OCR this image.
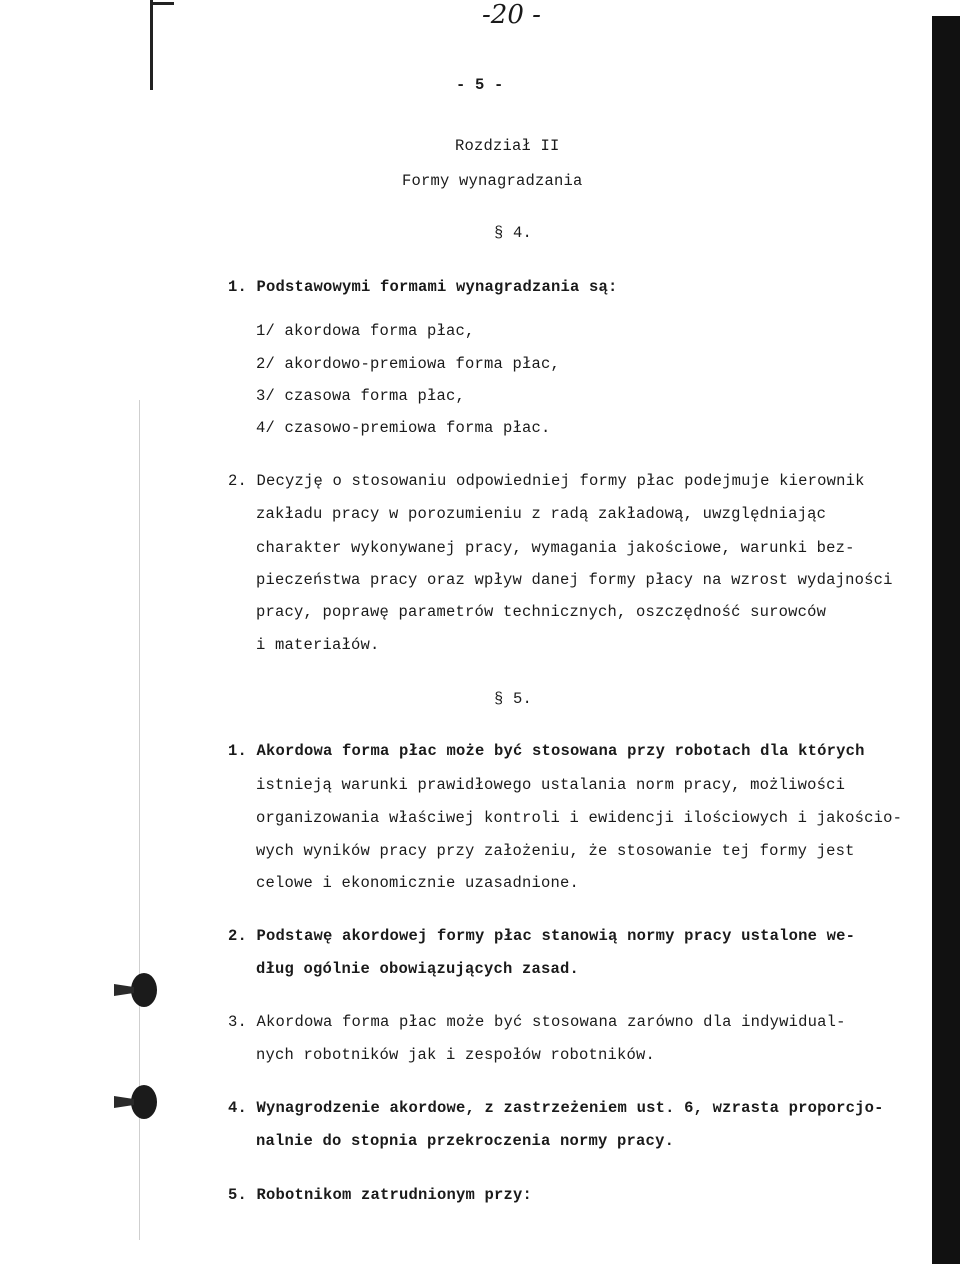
-20 -
- 5 -
Rozdział II
Formy wynagradzania
§ 4.
1. Podstawowymi formami wynagradzania są:
1/ akordowa forma płac,
2/ akordowo-premiowa forma płac,
3/ czasowa forma płac,
4/ czasowo-premiowa forma płac.
2. Decyzję o stosowaniu odpowiedniej formy płac podejmuje kierownik
zakładu pracy w porozumieniu z radą zakładową, uwzględniając
charakter wykonywanej pracy, wymagania jakościowe, warunki bez-
pieczeństwa pracy oraz wpływ danej formy płacy na wzrost wydajności
pracy, poprawę parametrów technicznych, oszczędność surowców
i materiałów.
§ 5.
1. Akordowa forma płac może być stosowana przy robotach dla których
istnieją warunki prawidłowego ustalania norm pracy, możliwości
organizowania właściwej kontroli i ewidencji ilościowych i jakościo-
wych wyników pracy przy założeniu, że stosowanie tej formy jest
celowe i ekonomicznie uzasadnione.
2. Podstawę akordowej formy płac stanowią normy pracy ustalone we-
dług ogólnie obowiązujących zasad.
3. Akordowa forma płac może być stosowana zarówno dla indywidual-
nych robotników jak i zespołów robotników.
4. Wynagrodzenie akordowe, z zastrzeżeniem ust. 6, wzrasta proporcjo-
nalnie do stopnia przekroczenia normy pracy.
5. Robotnikom zatrudnionym przy:
